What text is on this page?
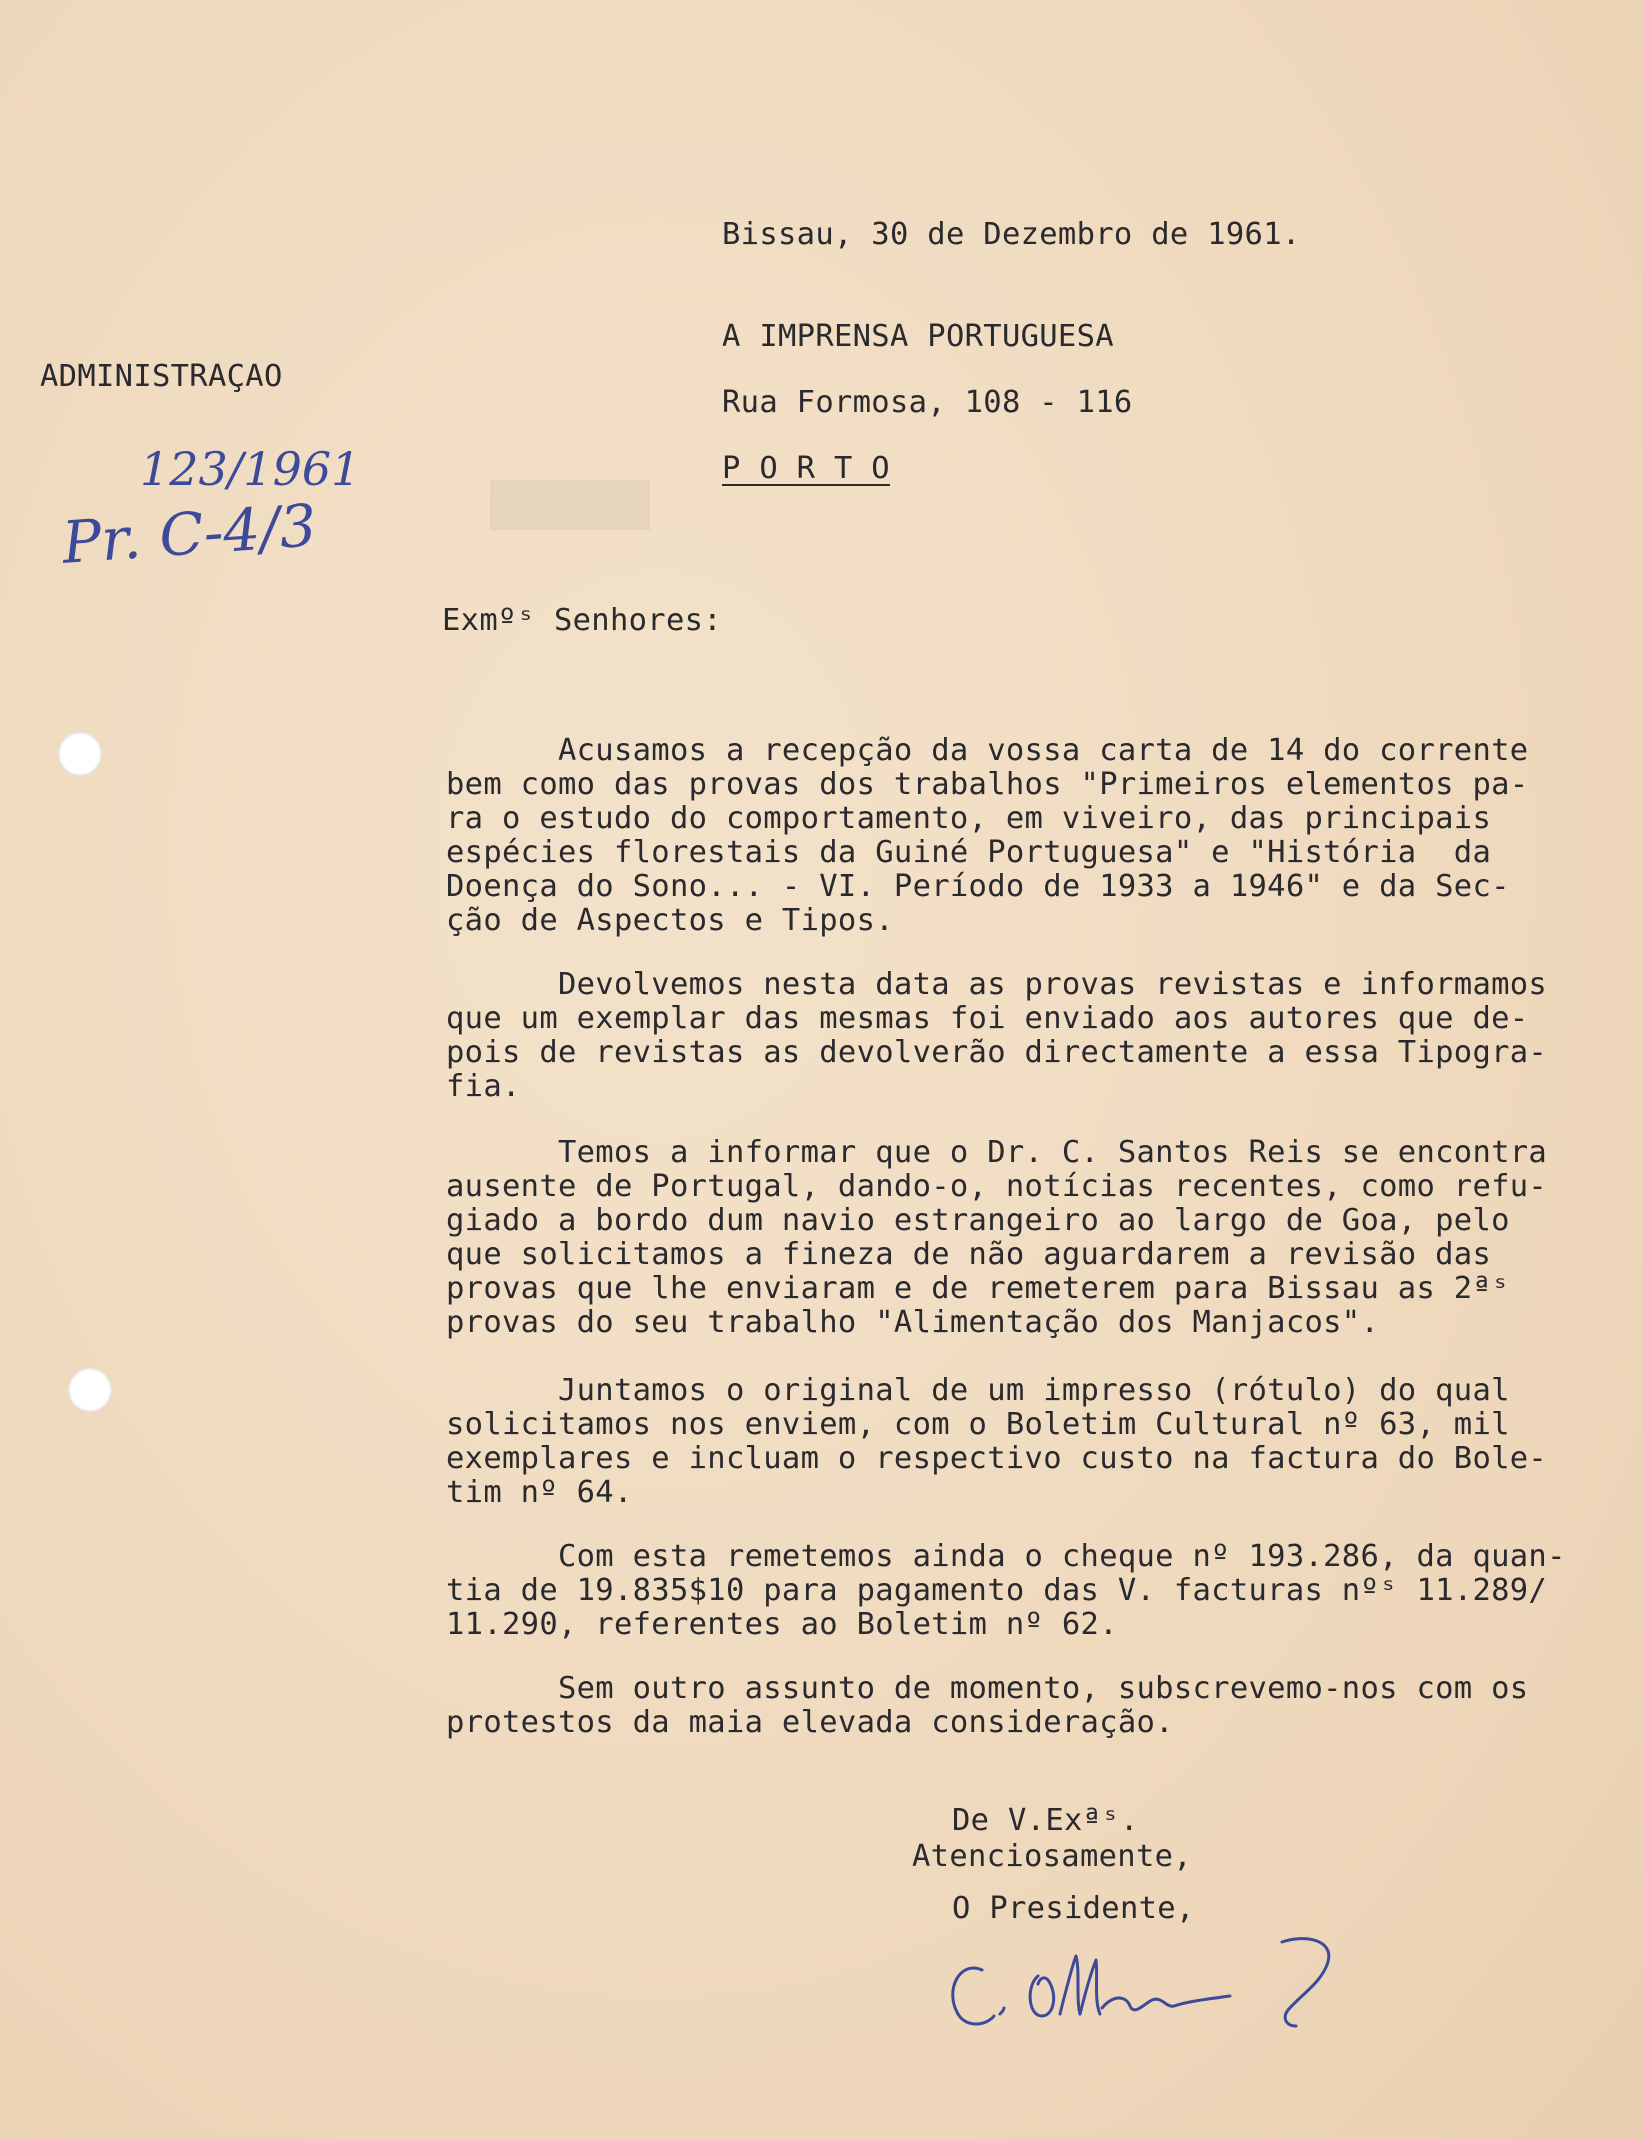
ADMINISTRAÇAO
Bissau, 30 de Dezembro de 1961.
A IMPRENSA PORTUGUESA
Rua Formosa, 108 - 116
P O R T O
123/1961
Pr. C-4/3
Exmºˢ Senhores:
Acusamos a recepção da vossa carta de 14 do corrente
bem como das provas dos trabalhos "Primeiros elementos pa-
ra o estudo do comportamento, em viveiro, das principais
espécies florestais da Guiné Portuguesa" e "História  da
Doença do Sono... - VI. Período de 1933 a 1946" e da Sec-
ção de Aspectos e Tipos.
Devolvemos nesta data as provas revistas e informamos
que um exemplar das mesmas foi enviado aos autores que de-
pois de revistas as devolverão directamente a essa Tipogra-
fia.
Temos a informar que o Dr. C. Santos Reis se encontra
ausente de Portugal, dando-o, notícias recentes, como refu-
giado a bordo dum navio estrangeiro ao largo de Goa, pelo
que solicitamos a fineza de não aguardarem a revisão das
provas que lhe enviaram e de remeterem para Bissau as 2ªˢ
provas do seu trabalho "Alimentação dos Manjacos".
Juntamos o original de um impresso (rótulo) do qual
solicitamos nos enviem, com o Boletim Cultural nº 63, mil
exemplares e incluam o respectivo custo na factura do Bole-
tim nº 64.
Com esta remetemos ainda o cheque nº 193.286, da quan-
tia de 19.835$10 para pagamento das V. facturas nºˢ 11.289/
11.290, referentes ao Boletim nº 62.
Sem outro assunto de momento, subscrevemo-nos com os
protestos da maia elevada consideração.
De V.Exªˢ.
Atenciosamente,
O Presidente,
